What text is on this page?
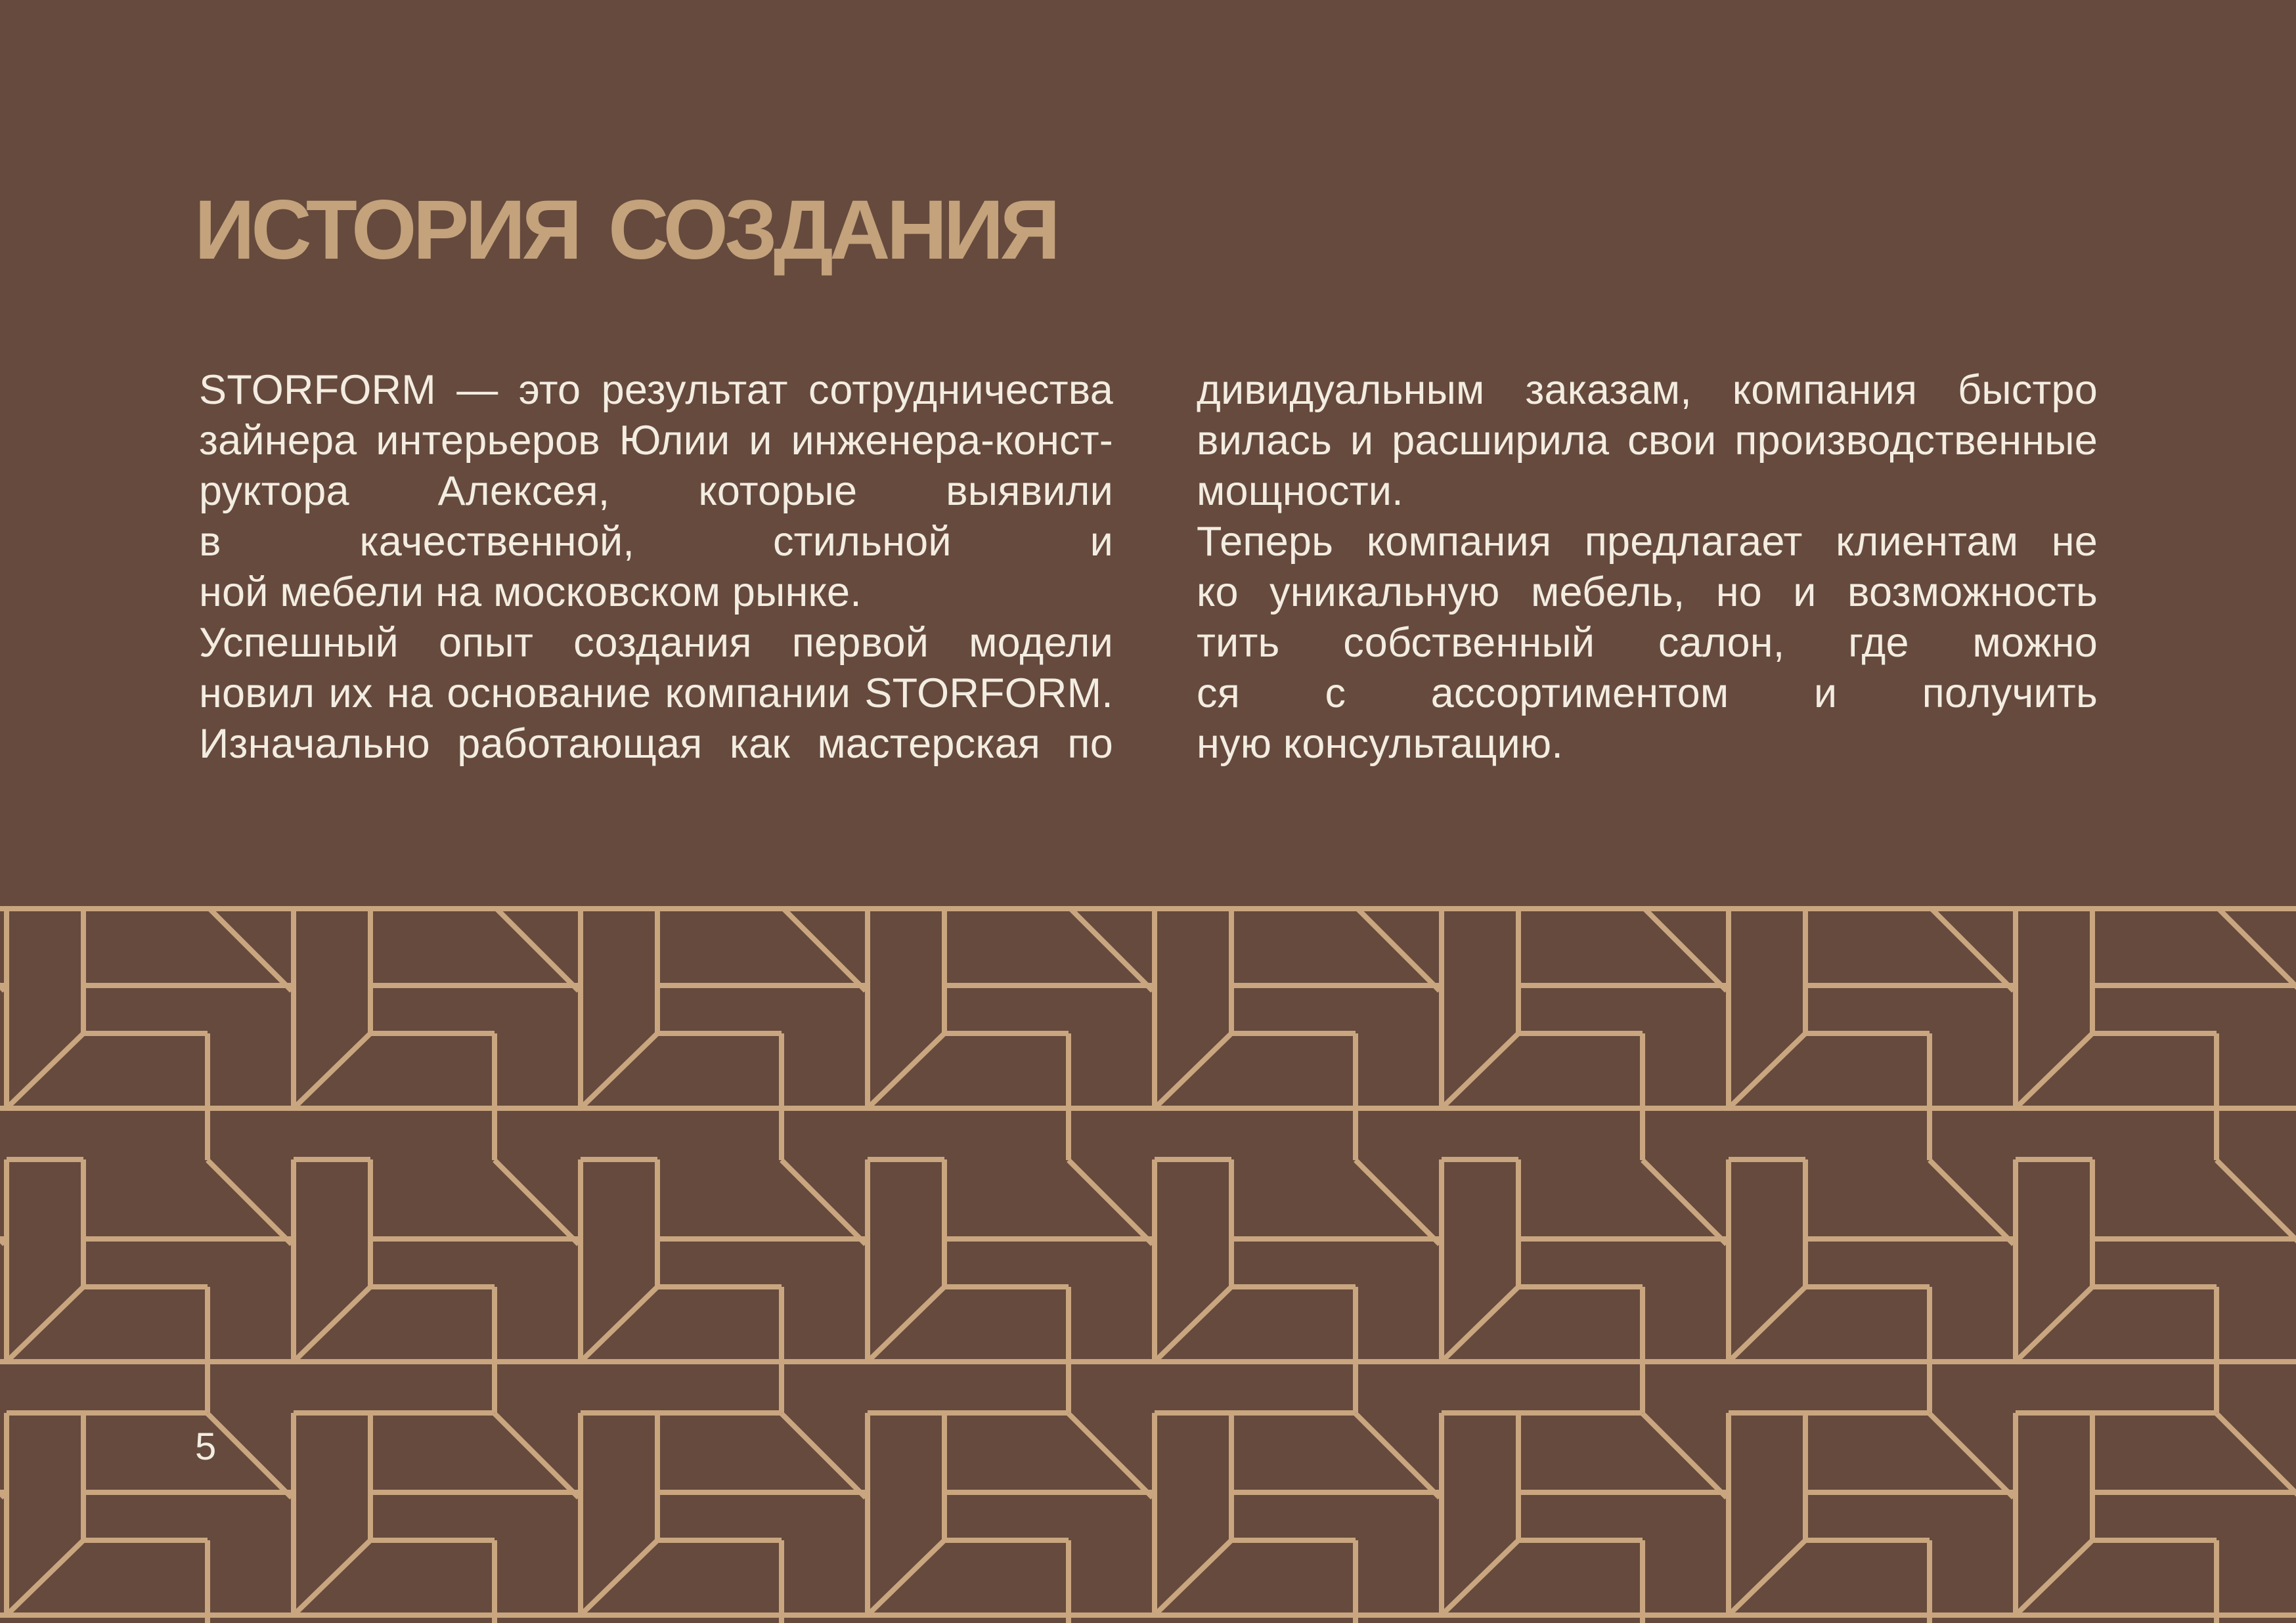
ИСТОРИЯ СОЗДАНИЯ
STORFORM — это результат сотрудничества
зайнера интерьеров Юлии и инженера-конст-
руктора Алексея, которые выявили
в качественной, стильной и
ной мебели на московском рынке.
Успешный опыт создания первой модели
новил их на основание компании STORFORM.
Изначально работающая как мастерская по
дивидуальным заказам, компания быстро
вилась и расширила свои производственные
мощности.
Теперь компания предлагает клиентам не
ко уникальную мебель, но и возможность
тить собственный салон, где можно
ся с ассортиментом и получить
ную консультацию.
5
